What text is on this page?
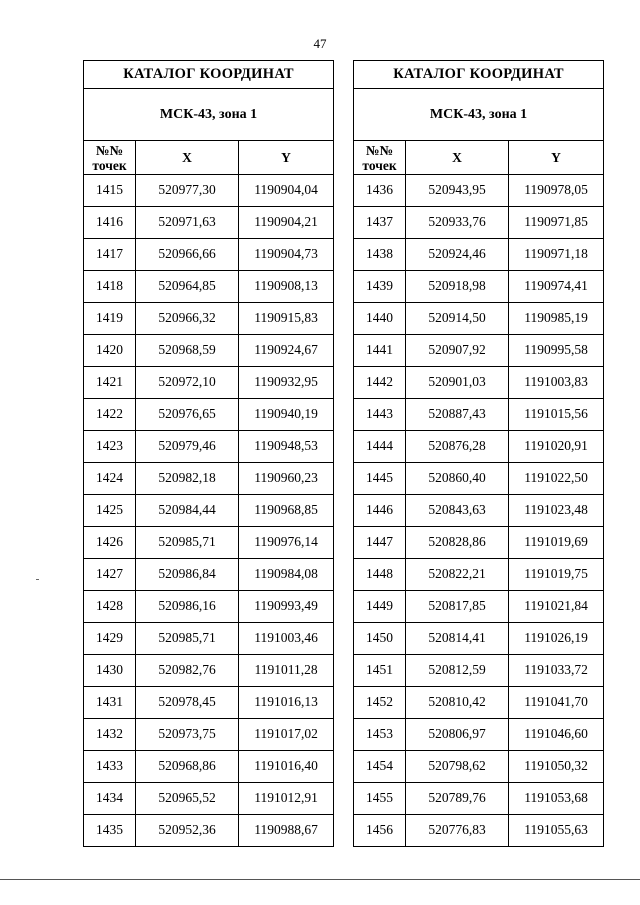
47
КАТАЛОГ КООРДИНАТ		
МСК-43, зона 1		

№№
точек	X	Y
1415	520977,30	1190904,04
1416	520971,63	1190904,21
1417	520966,66	1190904,73
1418	520964,85	1190908,13
1419	520966,32	1190915,83
1420	520968,59	1190924,67
1421	520972,10	1190932,95
1422	520976,65	1190940,19
1423	520979,46	1190948,53
1424	520982,18	1190960,23
1425	520984,44	1190968,85
1426	520985,71	1190976,14
1427	520986,84	1190984,08
1428	520986,16	1190993,49
1429	520985,71	1191003,46
1430	520982,76	1191011,28
1431	520978,45	1191016,13
1432	520973,75	1191017,02
1433	520968,86	1191016,40
1434	520965,52	1191012,91
1435	520952,36	1190988,67
КАТАЛОГ КООРДИНАТ		
МСК-43, зона 1		

№№
точек	X	Y
1436	520943,95	1190978,05
1437	520933,76	1190971,85
1438	520924,46	1190971,18
1439	520918,98	1190974,41
1440	520914,50	1190985,19
1441	520907,92	1190995,58
1442	520901,03	1191003,83
1443	520887,43	1191015,56
1444	520876,28	1191020,91
1445	520860,40	1191022,50
1446	520843,63	1191023,48
1447	520828,86	1191019,69
1448	520822,21	1191019,75
1449	520817,85	1191021,84
1450	520814,41	1191026,19
1451	520812,59	1191033,72
1452	520810,42	1191041,70
1453	520806,97	1191046,60
1454	520798,62	1191050,32
1455	520789,76	1191053,68
1456	520776,83	1191055,63
